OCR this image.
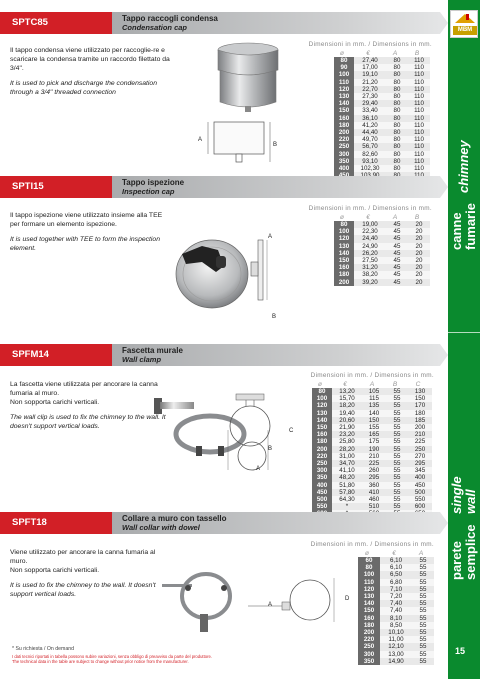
MBM
canne fumarie
chimney
parete semplice
single wall
15
SPTC85	Tappo raccogli condensa
Condensation cap

Il tappo condensa viene utilizzato per raccoglie-re e scaricare la condensa tramite un raccordo filettato da 3/4".

It is used to pick and discharge the condensation through a 3/4" threaded connection

A
B
Dimensioni in mm. / Dimensions in mm.
ø	€	A	B
80	27,40	80	110
90	17,00	80	110
100	19,10	80	110
110	21,20	80	110
120	22,70	80	110
130	27,30	80	110
140	29,40	80	110
150	33,40	80	110
160	36,10	80	110
180	41,20	80	110
200	44,40	80	110
220	49,70	80	110
250	56,70	80	110
300	82,60	80	110
350	93,10	80	110
400	102,30	80	110

SPTI15	Tappo ispezione
Inspection cap

Il tappo ispezione viene utilizzato insieme alla TEE per formare un elemento ispezione.

It is used together with TEE to form the inspection element.

A
B
Dimensioni in mm. / Dimensions in mm.
ø	€	A	B
80	19,00	45	20
100	22,30	45	20
120	24,40	45	20
130	24,90	45	20
140	26,20	45	20
150	27,50	45	20
160	31,20	45	20
180	38,20	45	20
200	39,20	45	20
SPFM14	Fascetta murale
Wall clamp

La fascetta viene utilizzata per ancorare la canna fumaria al muro.

Non sopporta carichi verticali.

The wall clip is used to fix the chimney to the wall. It doesn't support vertical loads.

A
B
C
Dimensioni in mm. / Dimensions in mm.
ø	€	A	B	C
80	13,20	105	55	130
100	15,70	115	55	150
120	18,20	135	55	170
130	19,40	140	55	180
140	20,60	150	55	185
150	21,90	155	55	200
160	23,20	165	55	210
180	25,80	175	55	225
200	28,20	190	55	250
220	31,00	210	55	270
250	34,70	225	55	295
300	41,10	260	55	345
350	48,20	295	55	400
400	51,80	360	55	450
450	57,80	410	55	500
500	64,30	460	55	550
550	*	510	55	600

SPFT18	Collare a muro con tassello
Wall collar with dowel

Viene utilizzato per ancorare la canna fumaria al muro.

Non sopporta carichi verticali.

It is used to fix the chimney to the wall. It doesn't support vertical loads.

A
D
Dimensioni in mm. / Dimensions in mm.
ø	€	A
60	6,10	55
80	6,10	55
100	6,50	55
110	6,80	55
120	7,10	55
130	7,20	55
140	7,40	55
150	7,40	55
160	8,10	55
180	8,50	55
200	10,10	55
220	11,00	55
250	12,10	55
300	13,00	55
350	14,90	55
* Su richiesta / On demand
I dati tecnici riportati in tabella possono subire variazioni, senza obbligo di preavviso da parte del produttore.
The technical data in the table are subject to change without prior notice from the manufacturer.
